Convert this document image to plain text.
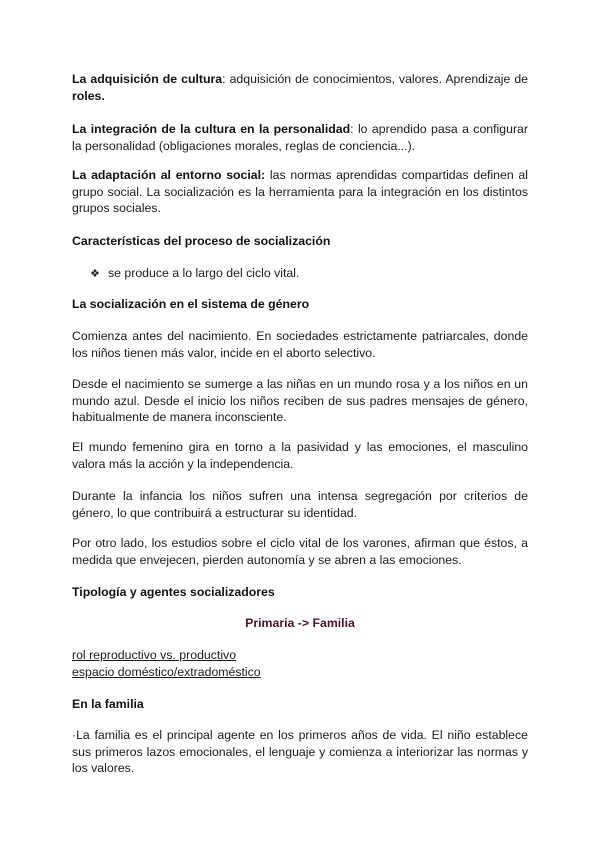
La adquisición de cultura: adquisición de conocimientos, valores. Aprendizaje de roles.
La integración de la cultura en la personalidad: lo aprendido pasa a configurar la personalidad (obligaciones morales, reglas de conciencia...).
La adaptación al entorno social: las normas aprendidas compartidas definen al grupo social. La socialización es la herramienta para la integración en los distintos grupos sociales.
Características del proceso de socialización
❖ se produce a lo largo del ciclo vital.
La socialización en el sistema de género
Comienza antes del nacimiento. En sociedades estrictamente patriarcales, donde los niños tienen más valor, incide en el aborto selectivo.
Desde el nacimiento se sumerge a las niñas en un mundo rosa y a los niños en un mundo azul. Desde el inicio los niños reciben de sus padres mensajes de género, habitualmente de manera inconsciente.
El mundo femenino gira en torno a la pasividad y las emociones, el masculino valora más la acción y la independencia.
Durante la infancia los niños sufren una intensa segregación por criterios de género, lo que contribuirá a estructurar su identidad.
Por otro lado, los estudios sobre el ciclo vital de los varones, afirman que éstos, a medida que envejecen, pierden autonomía y se abren a las emociones.
Tipología y agentes socializadores
Primaria -> Familia
rol reproductivo vs. productivo
espacio doméstico/extradoméstico
En la familia
·La familia es el principal agente en los primeros años de vida. El niño establece sus primeros lazos emocionales, el lenguaje y comienza a interiorizar las normas y los valores.
